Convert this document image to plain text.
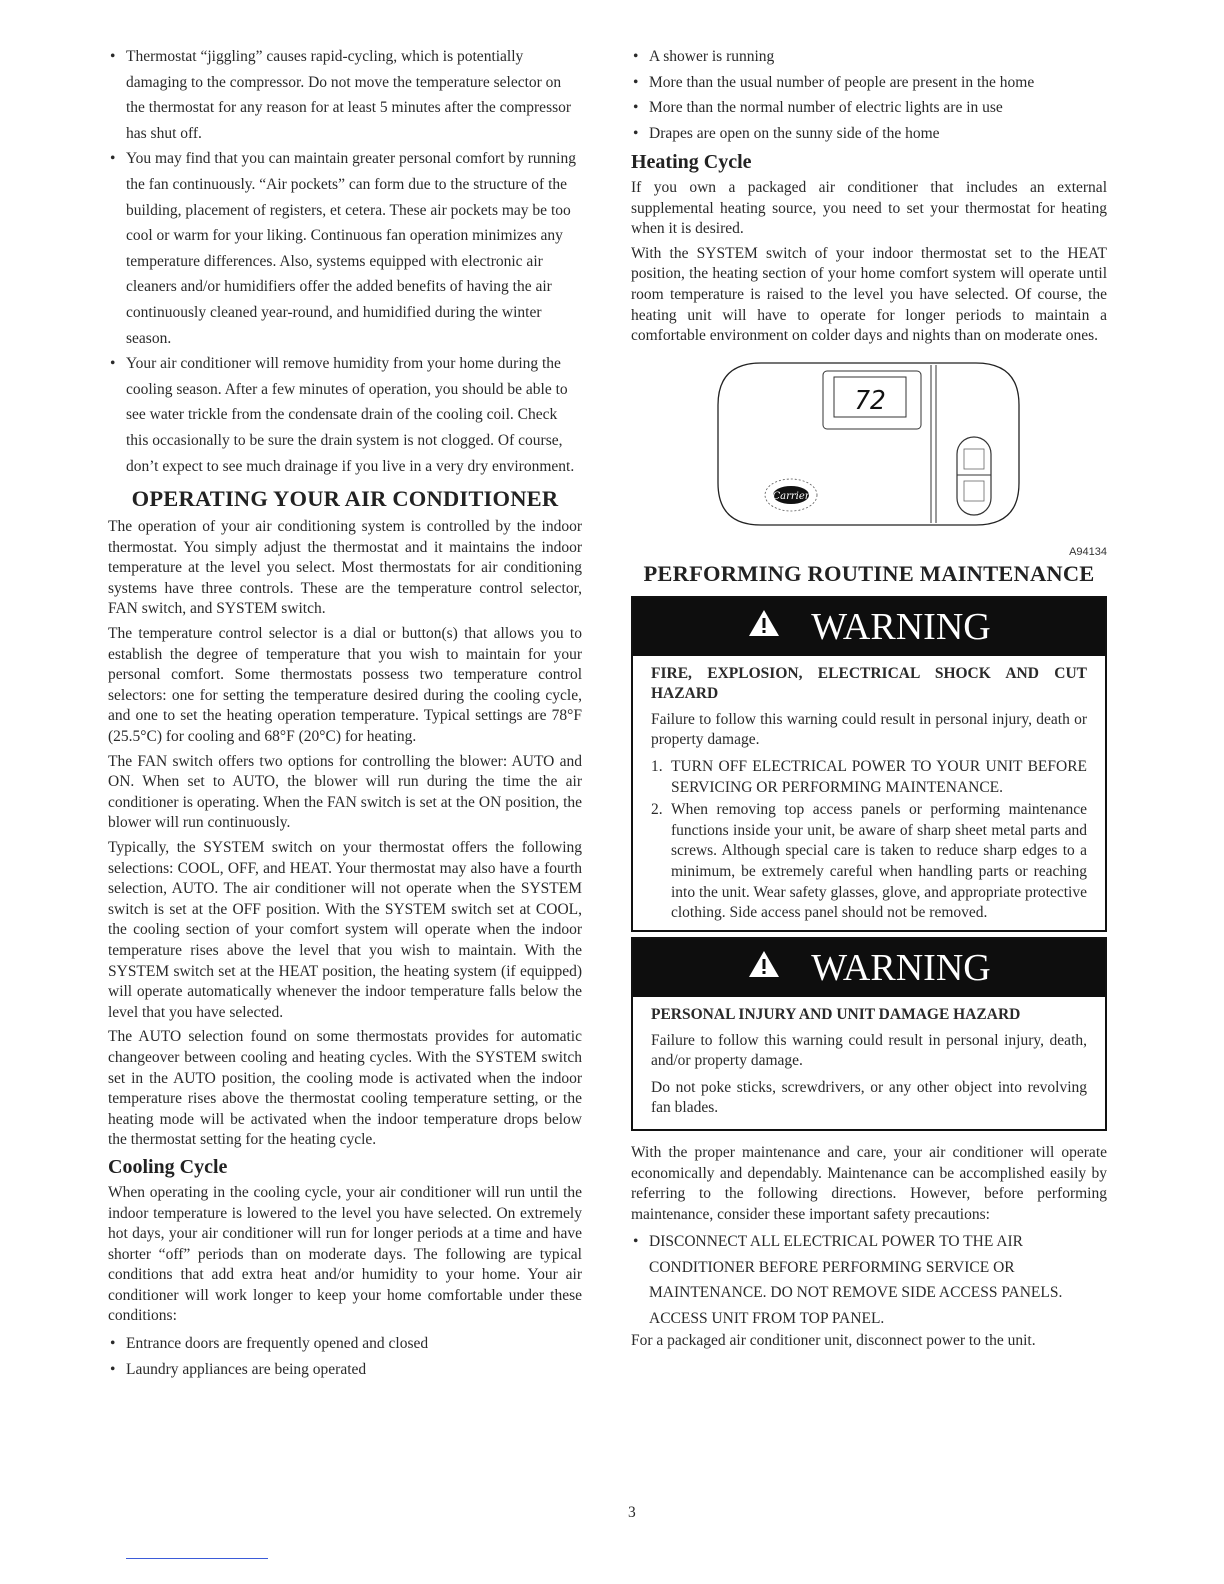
• Thermostat “jiggling” causes rapid-cycling, which is potentially damaging to the compressor. Do not move the temperature selector on the thermostat for any reason for at least 5 minutes after the compressor has shut off.
• You may find that you can maintain greater personal comfort by running the fan continuously. “Air pockets” can form due to the structure of the building, placement of registers, et cetera. These air pockets may be too cool or warm for your liking. Continuous fan operation minimizes any temperature differences. Also, systems equipped with electronic air cleaners and/or humidifiers offer the added benefits of having the air continuously cleaned year-round, and humidified during the winter season.
• Your air conditioner will remove humidity from your home during the cooling season. After a few minutes of operation, you should be able to see water trickle from the condensate drain of the cooling coil. Check this occasionally to be sure the drain system is not clogged. Of course, don’t expect to see much drainage if you live in a very dry environment.
OPERATING YOUR AIR CONDITIONER

The operation of your air conditioning system is controlled by the indoor thermostat. You simply adjust the thermostat and it maintains the indoor temperature at the level you select. Most thermostats for air conditioning systems have three controls. These are the temperature control selector, FAN switch, and SYSTEM switch.

The temperature control selector is a dial or button(s) that allows you to establish the degree of temperature that you wish to maintain for your personal comfort. Some thermostats possess two temperature control selectors: one for setting the temperature desired during the cooling cycle, and one to set the heating operation temperature. Typical settings are 78°F (25.5°C) for cooling and 68°F (20°C) for heating.

The FAN switch offers two options for controlling the blower: AUTO and ON. When set to AUTO, the blower will run during the time the air conditioner is operating. When the FAN switch is set at the ON position, the blower will run continuously.

Typically, the SYSTEM switch on your thermostat offers the following selections: COOL, OFF, and HEAT. Your thermostat may also have a fourth selection, AUTO. The air conditioner will not operate when the SYSTEM switch is set at the OFF position. With the SYSTEM switch set at COOL, the cooling section of your comfort system will operate when the indoor temperature rises above the level that you wish to maintain. With the SYSTEM switch set at the HEAT position, the heating system (if equipped) will operate automatically whenever the indoor temperature falls below the level that you have selected.

The AUTO selection found on some thermostats provides for automatic changeover between cooling and heating cycles. With the SYSTEM switch set in the AUTO position, the cooling mode is activated when the indoor temperature rises above the thermostat cooling temperature setting, or the heating mode will be activated when the indoor temperature drops below the thermostat setting for the heating cycle.

Cooling Cycle

When operating in the cooling cycle, your air conditioner will run until the indoor temperature is lowered to the level you have selected. On extremely hot days, your air conditioner will run for longer periods at a time and have shorter “off” periods than on moderate days. The following are typical conditions that add extra heat and/or humidity to your home. Your air conditioner will work longer to keep your home comfortable under these conditions:

• Entrance doors are frequently opened and closed
• Laundry appliances are being operated
• A shower is running
• More than the usual number of people are present in the home
• More than the normal number of electric lights are in use
• Drapes are open on the sunny side of the home
Heating Cycle

If you own a packaged air conditioner that includes an external supplemental heating source, you need to set your thermostat for heating when it is desired.

With the SYSTEM switch of your indoor thermostat set to the HEAT position, the heating section of your home comfort system will operate until room temperature is raised to the level you have selected. Of course, the heating unit will have to operate for longer periods to maintain a comfortable environment on colder days and nights than on moderate ones.

72
Carrier
A94134
PERFORMING ROUTINE MAINTENANCE
WARNING
FIRE, EXPLOSION, ELECTRICAL SHOCK AND CUT HAZARD

Failure to follow this warning could result in personal injury, death or property damage.

1. TURN OFF ELECTRICAL POWER TO YOUR UNIT BEFORE SERVICING OR PERFORMING MAINTENANCE.
2. When removing top access panels or performing maintenance functions inside your unit, be aware of sharp sheet metal parts and screws. Although special care is taken to reduce sharp edges to a minimum, be extremely careful when handling parts or reaching into the unit. Wear safety glasses, glove, and appropriate protective clothing. Side access panel should not be removed.
WARNING
PERSONAL INJURY AND UNIT DAMAGE HAZARD

Failure to follow this warning could result in personal injury, death, and/or property damage.

Do not poke sticks, screwdrivers, or any other object into revolving fan blades.

With the proper maintenance and care, your air conditioner will operate economically and dependably. Maintenance can be accomplished easily by referring to the following directions. However, before performing maintenance, consider these important safety precautions:

• DISCONNECT ALL ELECTRICAL POWER TO THE AIR CONDITIONER BEFORE PERFORMING SERVICE OR MAINTENANCE. DO NOT REMOVE SIDE ACCESS PANELS. ACCESS UNIT FROM TOP PANEL.

For a packaged air conditioner unit, disconnect power to the unit.

3
